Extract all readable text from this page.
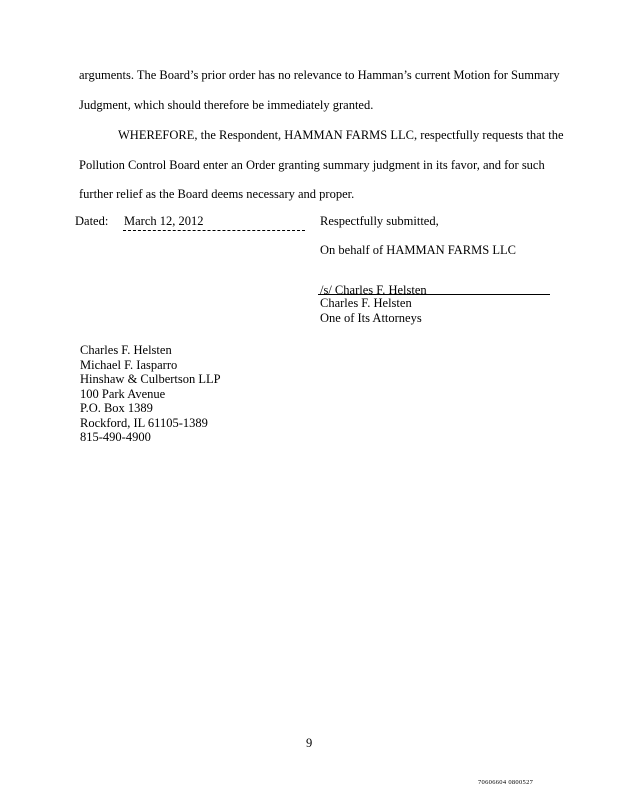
arguments. The Board’s prior order has no relevance to Hamman’s current Motion for Summary
Judgment, which should therefore be immediately granted.
WHEREFORE, the Respondent, HAMMAN FARMS LLC, respectfully requests that the
Pollution Control Board enter an Order granting summary judgment in its favor, and for such
further relief as the Board deems necessary and proper.
Dated: March 12, 2012	Respectfully submitted,
On behalf of HAMMAN FARMS LLC
/s/ Charles F. Helsten
Charles F. Helsten
One of Its Attorneys
Charles F. Helsten
Michael F. Iasparro
Hinshaw & Culbertson LLP
100 Park Avenue
P.O. Box 1389
Rockford, IL 61105-1389
815-490-4900
9
70606604 0800527
